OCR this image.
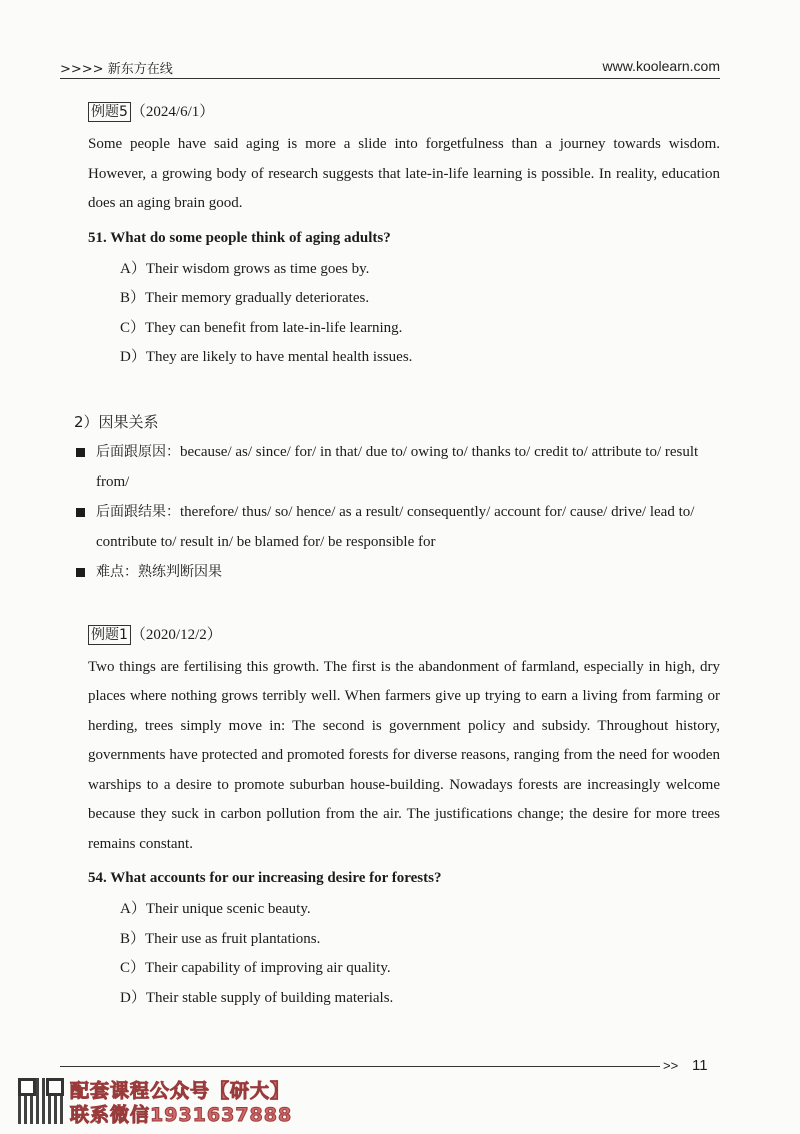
>>>> 新东方在线	www.koolearn.com
例题5 （2024/6/1）

Some people have said aging is more a slide into forgetfulness than a journey towards wisdom. However, a growing body of research suggests that late-in-life learning is possible. In reality, education does an aging brain good.

51. What do some people think of aging adults?
A）Their wisdom grows as time goes by.
B）Their memory gradually deteriorates.
C）They can benefit from late-in-life learning.
D）They are likely to have mental health issues.
2）因果关系
后面跟原因：because/ as/ since/ for/ in that/ due to/ owing to/ thanks to/ credit to/ attribute to/ result from/
后面跟结果：therefore/ thus/ so/ hence/ as a result/ consequently/ account for/ cause/ drive/ lead to/ contribute to/ result in/ be blamed for/ be responsible for
难点：熟练判断因果
例题1 （2020/12/2）

Two things are fertilising this growth. The first is the abandonment of farmland, especially in high, dry places where nothing grows terribly well. When farmers give up trying to earn a living from farming or herding, trees simply move in: The second is government policy and subsidy. Throughout history, governments have protected and promoted forests for diverse reasons, ranging from the need for wooden warships to a desire to promote suburban house-building. Nowadays forests are increasingly welcome because they suck in carbon pollution from the air. The justifications change; the desire for more trees remains constant.

54. What accounts for our increasing desire for forests?
A）Their unique scenic beauty.
B）Their use as fruit plantations.
C）Their capability of improving air quality.
D）Their stable supply of building materials.
>> 11
配套课程公众号【研大】
联系微信1931637888
